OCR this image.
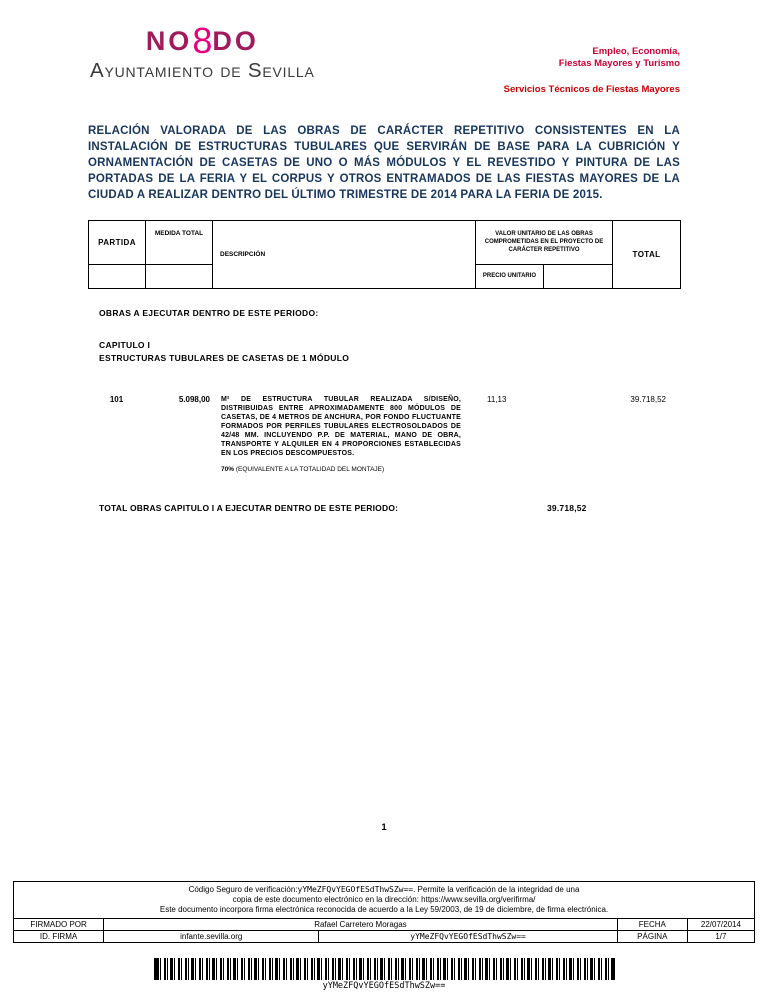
NO8DO
Ayuntamiento de Sevilla
Empleo, Economía,
Fiestas Mayores y Turismo
Servicios Técnicos de Fiestas Mayores

RELACIÓN VALORADA DE LAS OBRAS DE CARÁCTER REPETITIVO CONSISTENTES EN LA INSTALACIÓN DE ESTRUCTURAS TUBULARES QUE SERVIRÁN DE BASE PARA LA CUBRICIÓN Y ORNAMENTACIÓN DE CASETAS DE UNO O MÁS MÓDULOS Y EL REVESTIDO Y PINTURA DE LAS PORTADAS DE LA FERIA Y EL CORPUS Y OTROS ENTRAMADOS DE LAS FIESTAS MAYORES DE LA CIUDAD A REALIZAR DENTRO DEL ÚLTIMO TRIMESTRE DE 2014 PARA LA FERIA DE 2015.

PARTIDA	MEDIDA TOTAL	DESCRIPCIÓN	VALOR UNITARIO DE LAS OBRAS COMPROMETIDAS EN EL PROYECTO DE CARÁCTER REPETITIVO		TOTAL
			PRECIO UNITARIO		
OBRAS A EJECUTAR DENTRO DE ESTE PERIODO:
CAPITULO I
ESTRUCTURAS TUBULARES DE CASETAS DE 1 MÓDULO
101	5.098,00 M² DE ESTRUCTURA TUBULAR REALIZADA S/DISEÑO, DISTRIBUIDAS ENTRE APROXIMADAMENTE 800 MÓDULOS DE CASETAS, DE 4 METROS DE ANCHURA, POR FONDO FLUCTUANTE FORMADOS POR PERFILES TUBULARES ELECTROSOLDADOS DE 42/48 MM. INCLUYENDO P.P. DE MATERIAL, MANO DE OBRA, TRANSPORTE Y ALQUILER EN 4 PROPORCIONES ESTABLECIDAS EN LOS PRECIOS DESCOMPUESTOS.

70% (EQUIVALENTE A LA TOTALIDAD DEL MONTAJE)

11,13	39.718,52
TOTAL OBRAS CAPITULO I A EJECUTAR DENTRO DE ESTE PERIODO:	39.718,52
1
Código Seguro de verificación:yYMeZFQvYEGOfESdThwSZw==. Permite la verificación de la integridad de una
copia de este documento electrónico en la dirección: https://www.sevilla.org/verifirma/
Este documento incorpora firma electrónica reconocida de acuerdo a la Ley 59/2003, de 19 de diciembre, de firma electrónica.				

FIRMADO POR	Rafael Carretero Moragas		FECHA	22/07/2014
ID. FIRMA	infante.sevilla.org	yYMeZFQvYEGOfESdThwSZw==	PÁGINA	1/7
yYMeZFQvYEGOfESdThwSZw==
